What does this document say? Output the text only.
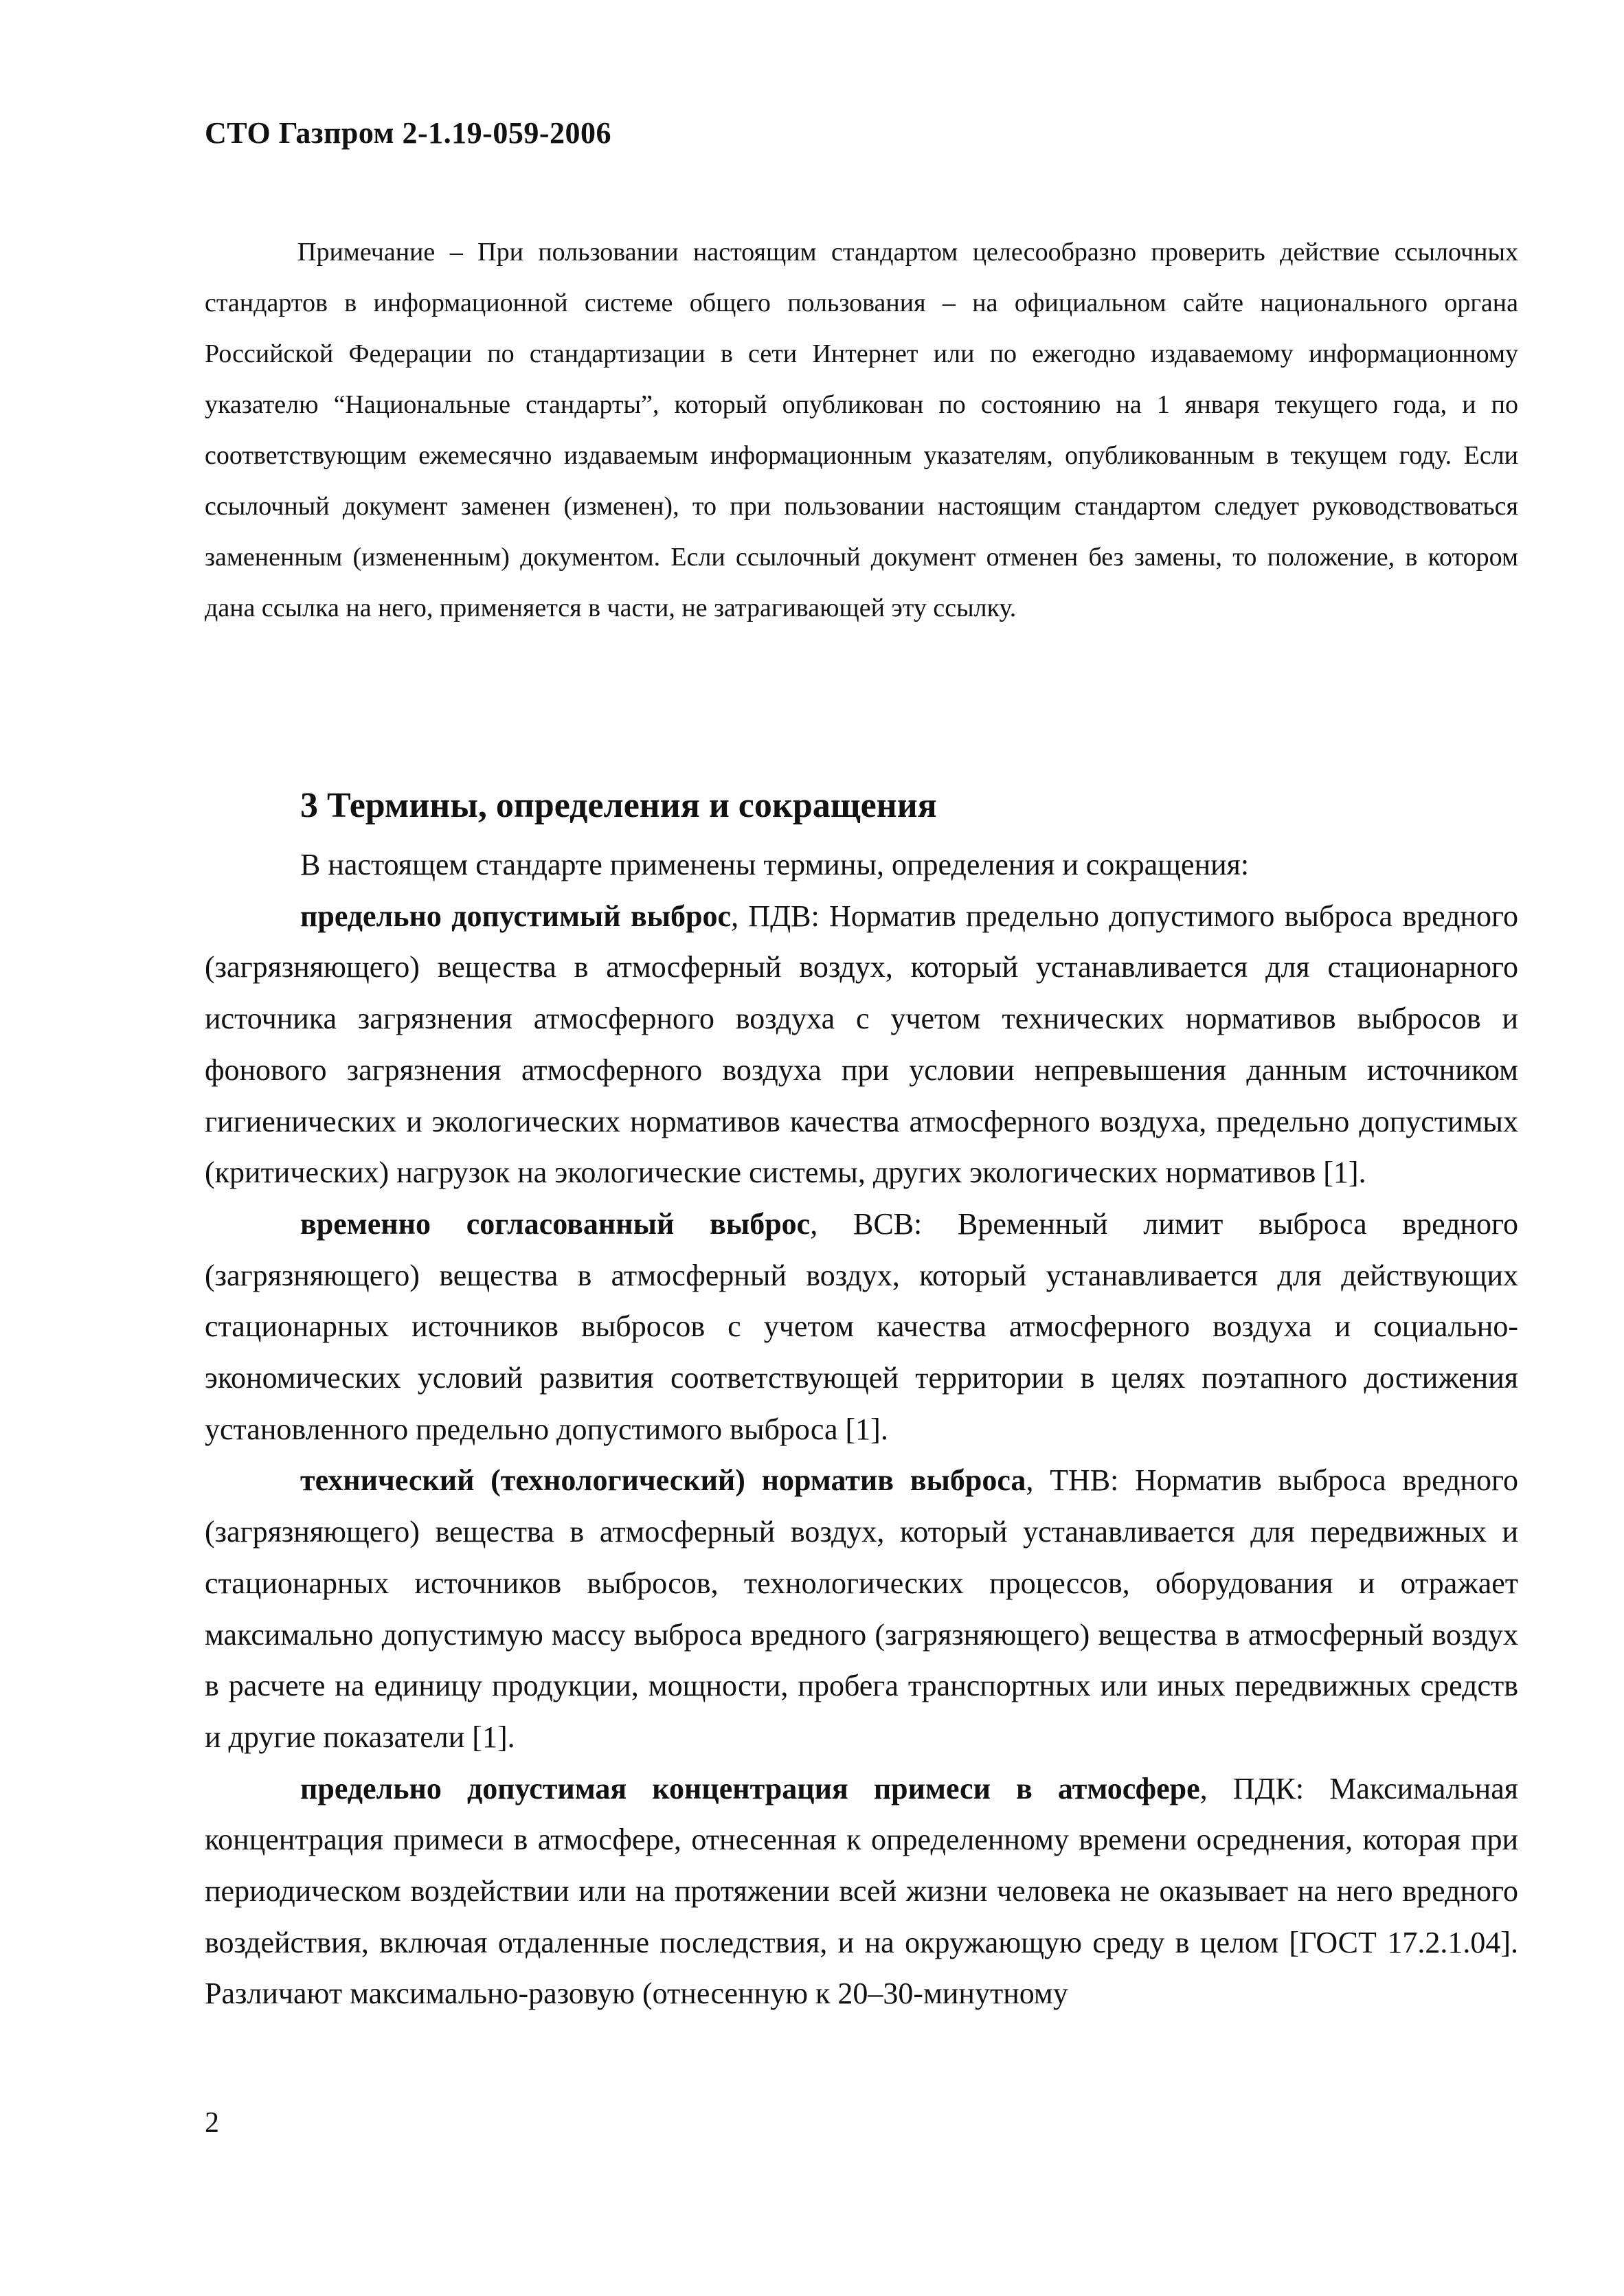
СТО Газпром 2-1.19-059-2006

Примечание – При пользовании настоящим стандартом целесообразно проверить действие ссылочных стандартов в информационной системе общего пользования – на официальном сайте национального органа Российской Федерации по стандартизации в сети Интернет или по ежегодно издаваемому информационному указателю “Национальные стандарты”, который опубликован по состоянию на 1 января текущего года, и по соответствующим ежемесячно издаваемым информационным указателям, опубликованным в текущем году. Если ссылочный документ заменен (изменен), то при пользовании настоящим стандартом следует руководствоваться замененным (измененным) документом. Если ссылочный документ отменен без замены, то положение, в котором дана ссылка на него, применяется в части, не затрагивающей эту ссылку.

3 Термины, определения и сокращения

В настоящем стандарте применены термины, определения и сокращения:

предельно допустимый выброс, ПДВ: Норматив предельно допустимого выброса вредного (загрязняющего) вещества в атмосферный воздух, который устанавливается для стационарного источника загрязнения атмосферного воздуха с учетом технических нормативов выбросов и фонового загрязнения атмосферного воздуха при условии непревышения данным источником гигиенических и экологических нормативов качества атмосферного воздуха, предельно допустимых (критических) нагрузок на экологические системы, других экологических нормативов [1].

временно согласованный выброс, ВСВ: Временный лимит выброса вредного (загрязняющего) вещества в атмосферный воздух, который устанавливается для действующих стационарных источников выбросов с учетом качества атмосферного воздуха и социально-экономических условий развития соответствующей территории в целях поэтапного достижения установленного предельно допустимого выброса [1].

технический (технологический) норматив выброса, ТНВ: Норматив выброса вредного (загрязняющего) вещества в атмосферный воздух, который устанавливается для передвижных и стационарных источников выбросов, технологических процессов, оборудования и отражает максимально допустимую массу выброса вредного (загрязняющего) вещества в атмосферный воздух в расчете на единицу продукции, мощности, пробега транспортных или иных передвижных средств и другие показатели [1].

предельно допустимая концентрация примеси в атмосфере, ПДК: Максимальная концентрация примеси в атмосфере, отнесенная к определенному времени осреднения, которая при периодическом воздействии или на протяжении всей жизни человека не оказывает на него вредного воздействия, включая отдаленные последствия, и на окружающую среду в целом [ГОСТ 17.2.1.04]. Различают максимально-разовую (отнесенную к 20–30-минутному

2
